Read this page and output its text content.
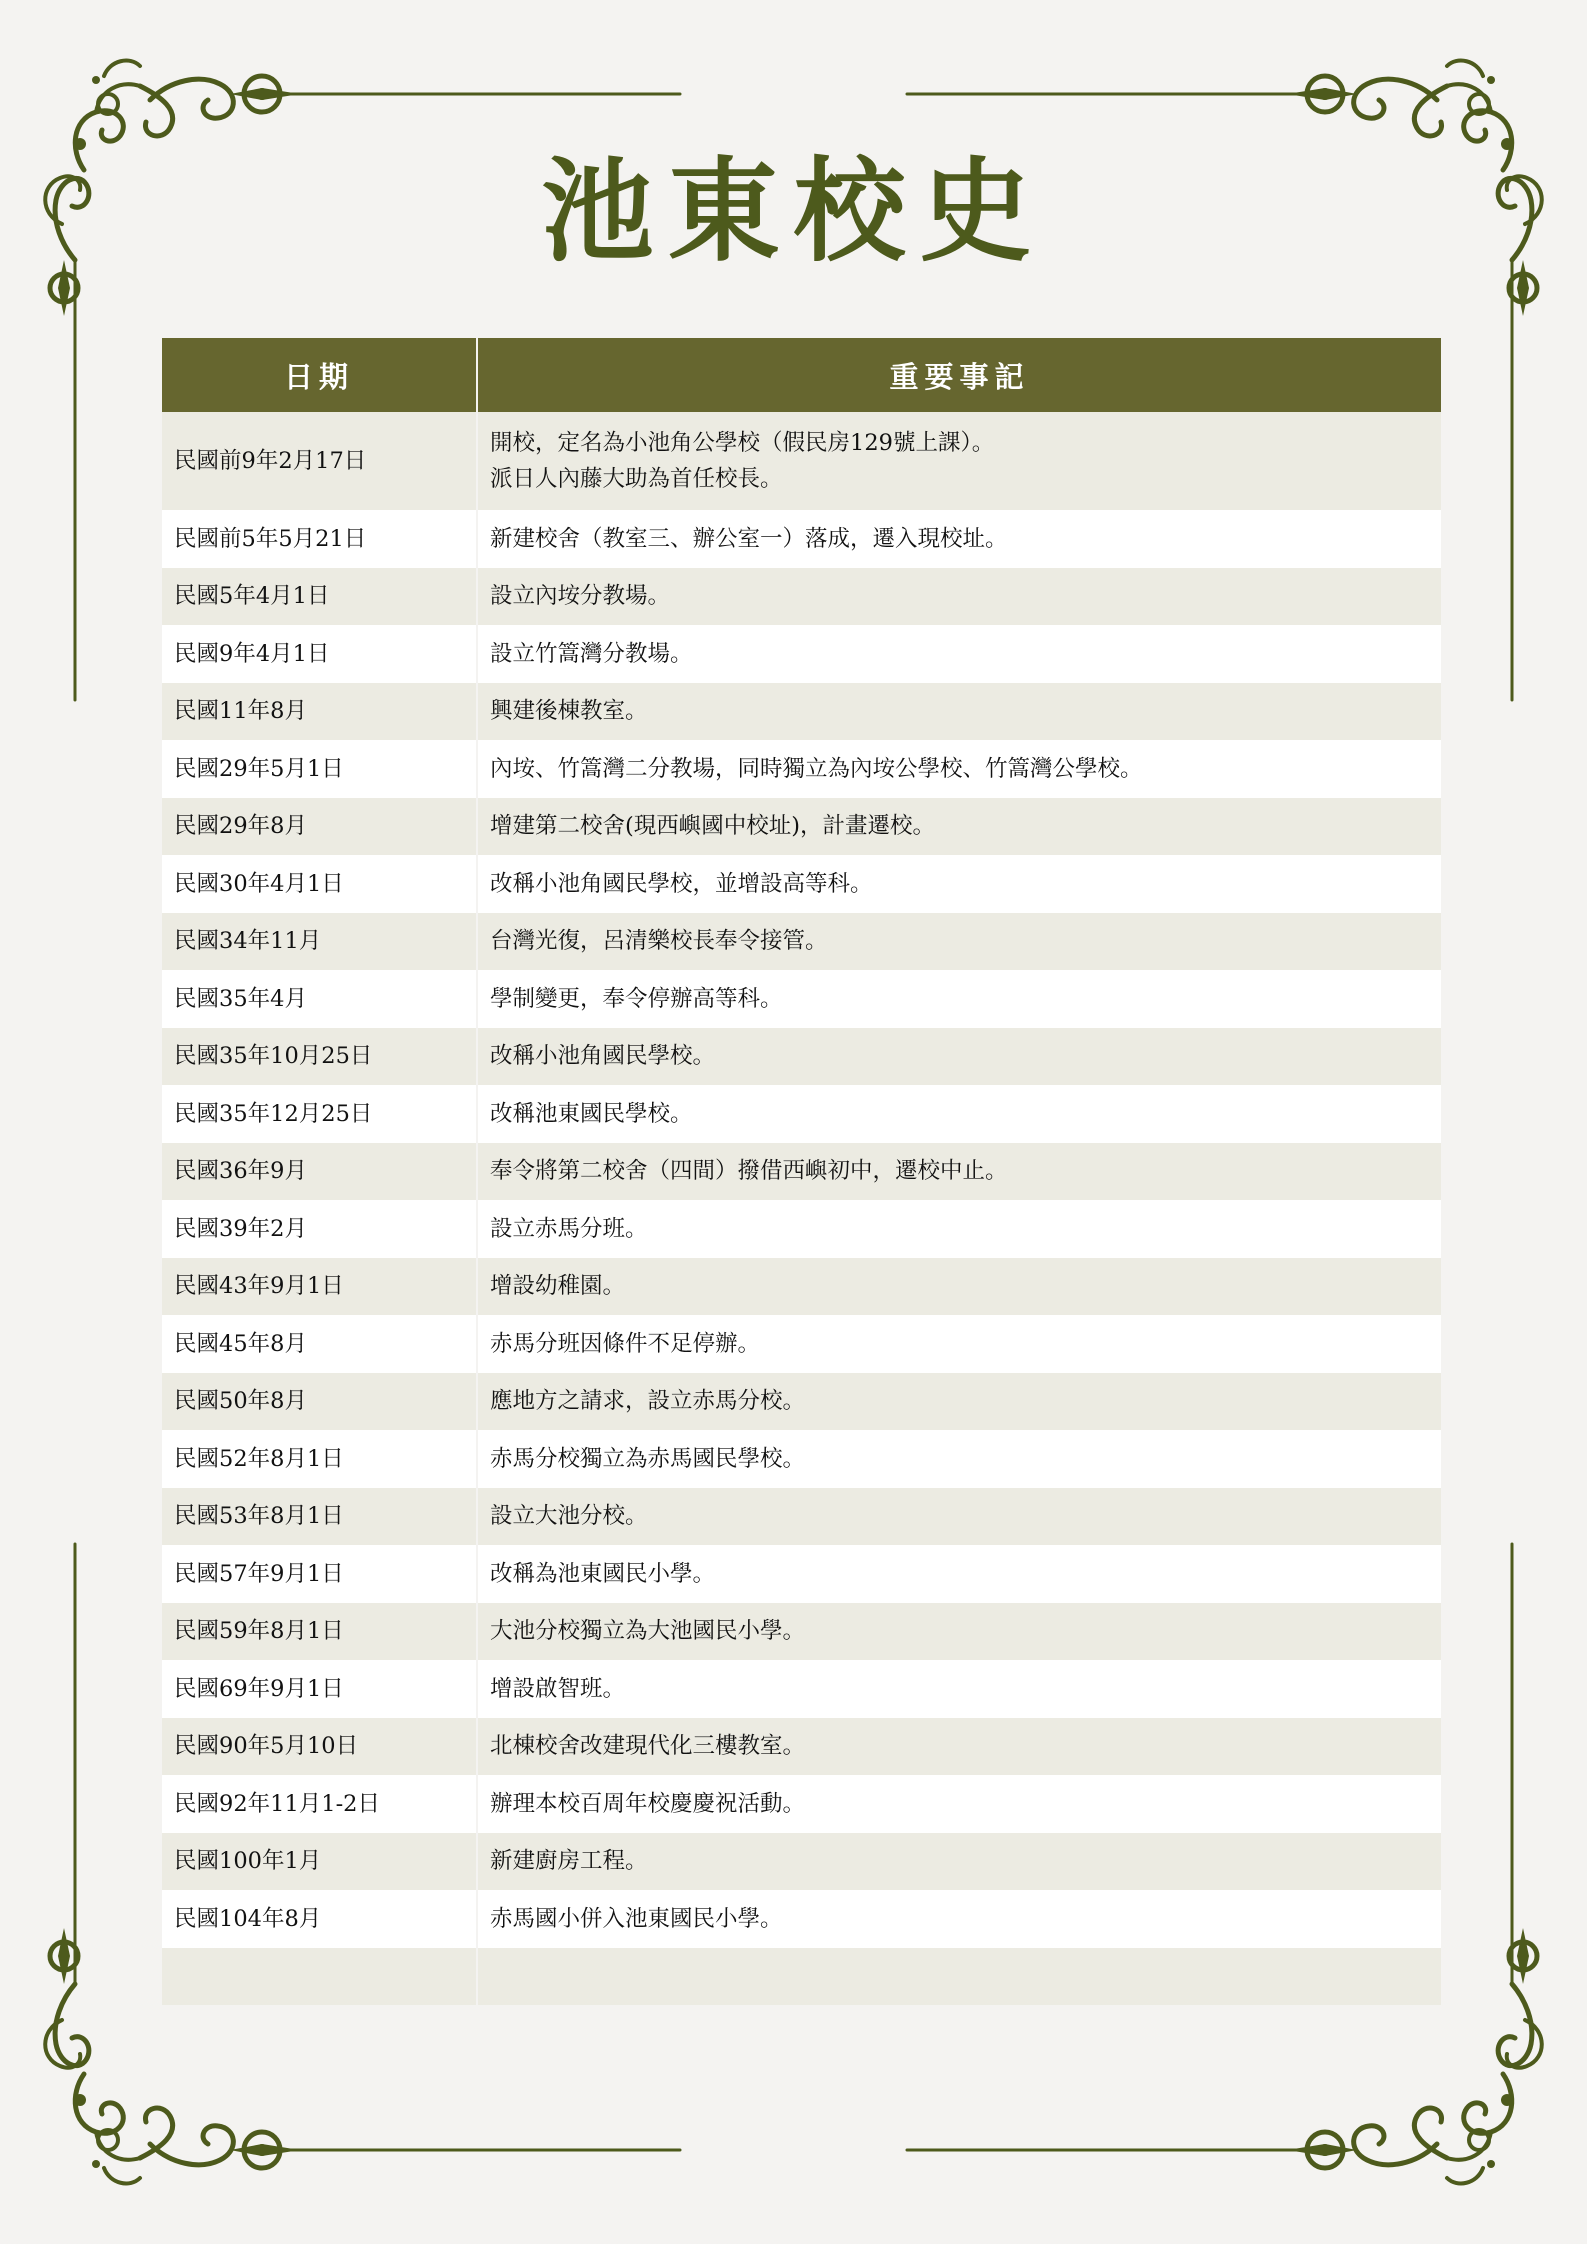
池東校史
日期	重要事記
民國前9年2月17日	開校，定名為小池角公學校（假民房129號上課）。
派日人內藤大助為首任校長。

民國前5年5月21日	新建校舍（教室三、辦公室一）落成，遷入現校址。
民國5年4月1日	設立內垵分教場。
民國9年4月1日	設立竹篙灣分教場。
民國11年8月	興建後棟教室。
民國29年5月1日	內垵、竹篙灣二分教場，同時獨立為內垵公學校、竹篙灣公學校。
民國29年8月	增建第二校舍(現西嶼國中校址)，計畫遷校。
民國30年4月1日	改稱小池角國民學校，並增設高等科。
民國34年11月	台灣光復，呂清樂校長奉令接管。
民國35年4月	學制變更，奉令停辦高等科。
民國35年10月25日	改稱小池角國民學校。
民國35年12月25日	改稱池東國民學校。
民國36年9月	奉令將第二校舍（四間）撥借西嶼初中，遷校中止。
民國39年2月	設立赤馬分班。
民國43年9月1日	增設幼稚園。
民國45年8月	赤馬分班因條件不足停辦。
民國50年8月	應地方之請求，設立赤馬分校。
民國52年8月1日	赤馬分校獨立為赤馬國民學校。
民國53年8月1日	設立大池分校。
民國57年9月1日	改稱為池東國民小學。
民國59年8月1日	大池分校獨立為大池國民小學。
民國69年9月1日	增設啟智班。
民國90年5月10日	北棟校舍改建現代化三樓教室。
民國92年11月1-2日	辦理本校百周年校慶慶祝活動。
民國100年1月	新建廚房工程。
民國104年8月	赤馬國小併入池東國民小學。
